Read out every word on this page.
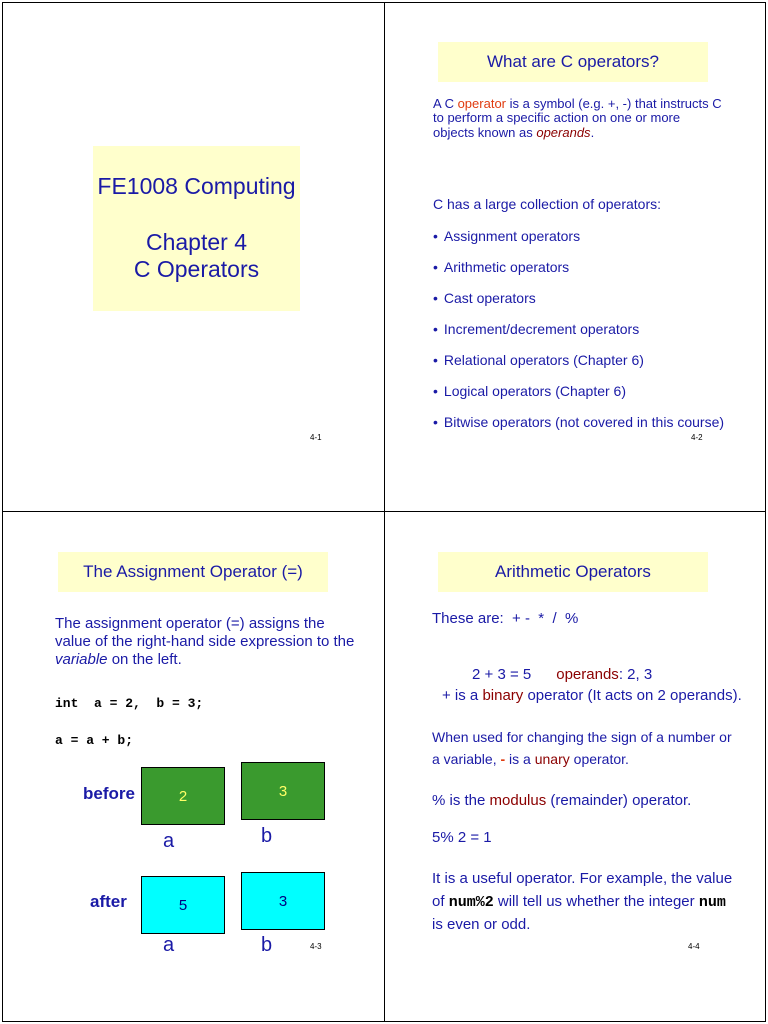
FE1008 Computing
Chapter 4
C Operators
4-1
What are C operators?
A C operator is a symbol (e.g. +, -) that instructs C to perform a specific action on one or more objects known as operands.
C has a large collection of operators:
• Assignment operators
• Arithmetic operators
• Cast operators
• Increment/decrement operators
• Relational operators (Chapter 6)
• Logical operators (Chapter 6)
• Bitwise operators (not covered in this course)
4-2
The Assignment Operator (=)
The assignment operator (=) assigns the value of the right-hand side expression to the variable on the left.
int  a = 2,  b = 3;
a = a + b;
before	2	3
a	b
after	5	3
a	b	4-3
Arithmetic Operators
These are:  + -  *  /  %

2 + 3 = 5 operands: 2, 3

+ is a binary operator (It acts on 2 operands).
When used for changing the sign of a number or a variable, - is a unary operator.
% is the modulus (remainder) operator.
5% 2 = 1
It is a useful operator. For example, the value of num%2 will tell us whether the integer num is even or odd.
4-4
